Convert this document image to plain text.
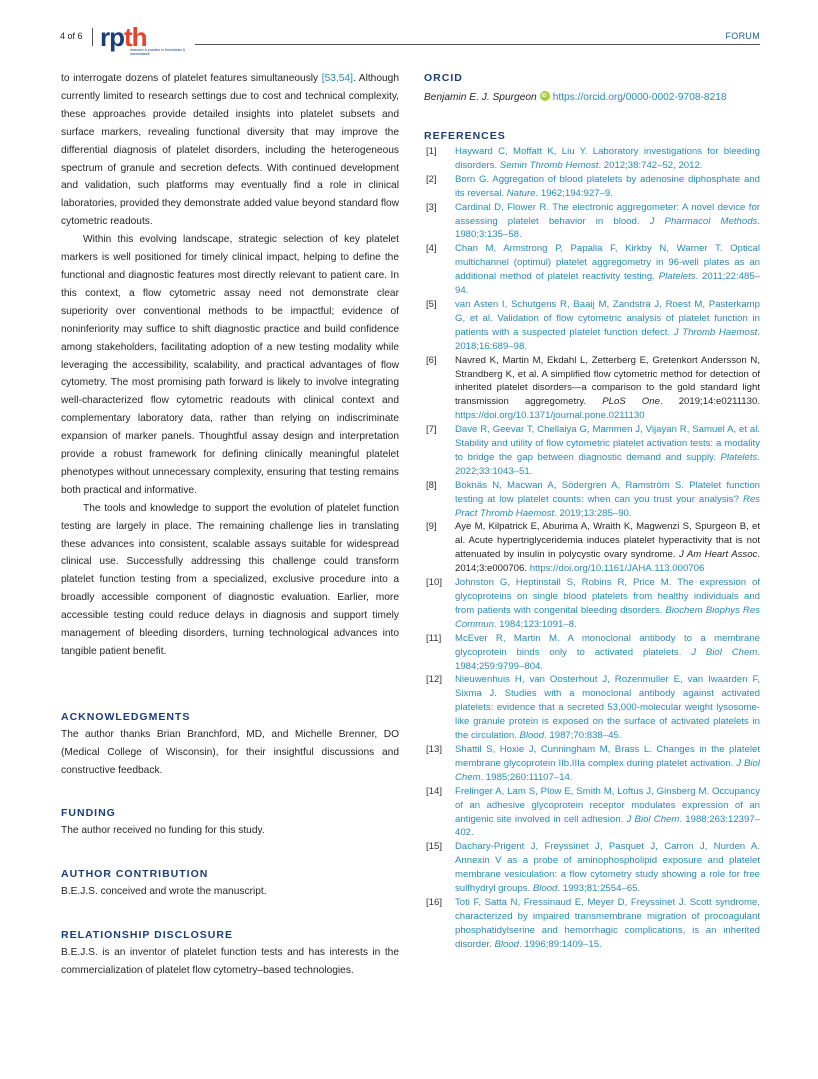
4 of 6 rpth
research & practice in thrombosis & haemostasis
FORUM

to interrogate dozens of platelet features simultaneously [53,54]. Although currently limited to research settings due to cost and technical complexity, these approaches provide detailed insights into platelet subsets and surface markers, revealing functional diversity that may improve the differential diagnosis of platelet disorders, including the heterogeneous spectrum of granule and secretion defects. With continued development and validation, such platforms may eventually find a role in clinical laboratories, provided they demonstrate added value beyond standard flow cytometric readouts.

Within this evolving landscape, strategic selection of key platelet markers is well positioned for timely clinical impact, helping to define the functional and diagnostic features most directly relevant to patient care. In this context, a flow cytometric assay need not demonstrate clear superiority over conventional methods to be impactful; evidence of noninferiority may suffice to shift diagnostic practice and build confidence among stakeholders, facilitating adoption of a new testing modality while leveraging the accessibility, scalability, and practical advantages of flow cytometry. The most promising path forward is likely to involve integrating well-characterized flow cytometric readouts with clinical context and complementary laboratory data, rather than relying on indiscriminate expansion of marker panels. Thoughtful assay design and interpretation provide a robust framework for defining clinically meaningful platelet phenotypes without unnecessary complexity, ensuring that testing remains both practical and informative.

The tools and knowledge to support the evolution of platelet function testing are largely in place. The remaining challenge lies in translating these advances into consistent, scalable assays suitable for widespread clinical use. Successfully addressing this challenge could transform platelet function testing from a specialized, exclusive procedure into a broadly accessible component of diagnostic evaluation. Earlier, more accessible testing could reduce delays in diagnosis and support timely management of bleeding disorders, turning technological advances into tangible patient benefit.

ACKNOWLEDGMENTS

The author thanks Brian Branchford, MD, and Michelle Brenner, DO (Medical College of Wisconsin), for their insightful discussions and constructive feedback.

FUNDING

The author received no funding for this study.

AUTHOR CONTRIBUTION

B.E.J.S. conceived and wrote the manuscript.

RELATIONSHIP DISCLOSURE

B.E.J.S. is an inventor of platelet function tests and has interests in the commercialization of platelet flow cytometry–based technologies.

ORCID
Benjamin E. J. Spurgeon iD https://orcid.org/0000-0002-9708-8218
REFERENCES
[1] Hayward C, Moffatt K, Liu Y. Laboratory investigations for bleeding disorders. Semin Thromb Hemost. 2012;38:742–52, 2012.
[2] Born G. Aggregation of blood platelets by adenosine diphosphate and its reversal. Nature. 1962;194:927–9.
[3] Cardinal D, Flower R. The electronic aggregometer: A novel device for assessing platelet behavior in blood. J Pharmacol Methods. 1980;3:135–58.
[4] Chan M, Armstrong P, Papalia F, Kirkby N, Warner T. Optical multichannel (optimul) platelet aggregometry in 96-well plates as an additional method of platelet reactivity testing. Platelets. 2011;22:485–94.
[5] van Asten I, Schutgens R, Baaij M, Zandstra J, Roest M, Pasterkamp G, et al. Validation of flow cytometric analysis of platelet function in patients with a suspected platelet function defect. J Thromb Haemost. 2018;16:689–98.
[6] Navred K, Martin M, Ekdahl L, Zetterberg E, Gretenkort Andersson N, Strandberg K, et al. A simplified flow cytometric method for detection of inherited platelet disorders—a comparison to the gold standard light transmission aggregometry. PLoS One. 2019;14:e0211130. https://doi.org/10.1371/journal.pone.0211130
[7] Dave R, Geevar T, Chellaiya G, Mammen J, Vijayan R, Samuel A, et al. Stability and utility of flow cytometric platelet activation tests: a modality to bridge the gap between diagnostic demand and supply. Platelets. 2022;33:1043–51.
[8] Boknäs N, Macwan A, Södergren A, Ramström S. Platelet function testing at low platelet counts: when can you trust your analysis? Res Pract Thromb Haemost. 2019;13:285–90.
[9] Aye M, Kilpatrick E, Aburima A, Wraith K, Magwenzi S, Spurgeon B, et al. Acute hypertriglyceridemia induces platelet hyperactivity that is not attenuated by insulin in polycystic ovary syndrome. J Am Heart Assoc. 2014;3:e000706. https://doi.org/10.1161/JAHA.113.000706
[10] Johnston G, Heptinstall S, Robins R, Price M. The expression of glycoproteins on single blood platelets from healthy individuals and from patients with congenital bleeding disorders. Biochem Biophys Res Commun. 1984;123:1091–8.
[11] McEver R, Martin M. A monoclonal antibody to a membrane glycoprotein binds only to activated platelets. J Biol Chem. 1984;259:9799–804.
[12] Nieuwenhuis H, van Oosterhout J, Rozenmuller E, van Iwaarden F, Sixma J. Studies with a monoclonal antibody against activated platelets: evidence that a secreted 53,000-molecular weight lysosome-like granule protein is exposed on the surface of activated platelets in the circulation. Blood. 1987;70:838–45.
[13] Shattil S, Hoxie J, Cunningham M, Brass L. Changes in the platelet membrane glycoprotein IIb.IIIa complex during platelet activation. J Biol Chem. 1985;260:11107–14.
[14] Frelinger A, Lam S, Plow E, Smith M, Loftus J, Ginsberg M. Occupancy of an adhesive glycoprotein receptor modulates expression of an antigenic site involved in cell adhesion. J Biol Chem. 1988;263:12397–402.
[15] Dachary-Prigent J, Freyssinet J, Pasquet J, Carron J, Nurden A. Annexin V as a probe of aminophospholipid exposure and platelet membrane vesiculation: a flow cytometry study showing a role for free sulfhydryl groups. Blood. 1993;81:2554–65.
[16] Toti F, Satta N, Fressinaud E, Meyer D, Freyssinet J. Scott syndrome, characterized by impaired transmembrane migration of procoagulant phosphatidylserine and hemorrhagic complications, is an inherited disorder. Blood. 1996;89:1409–15.
